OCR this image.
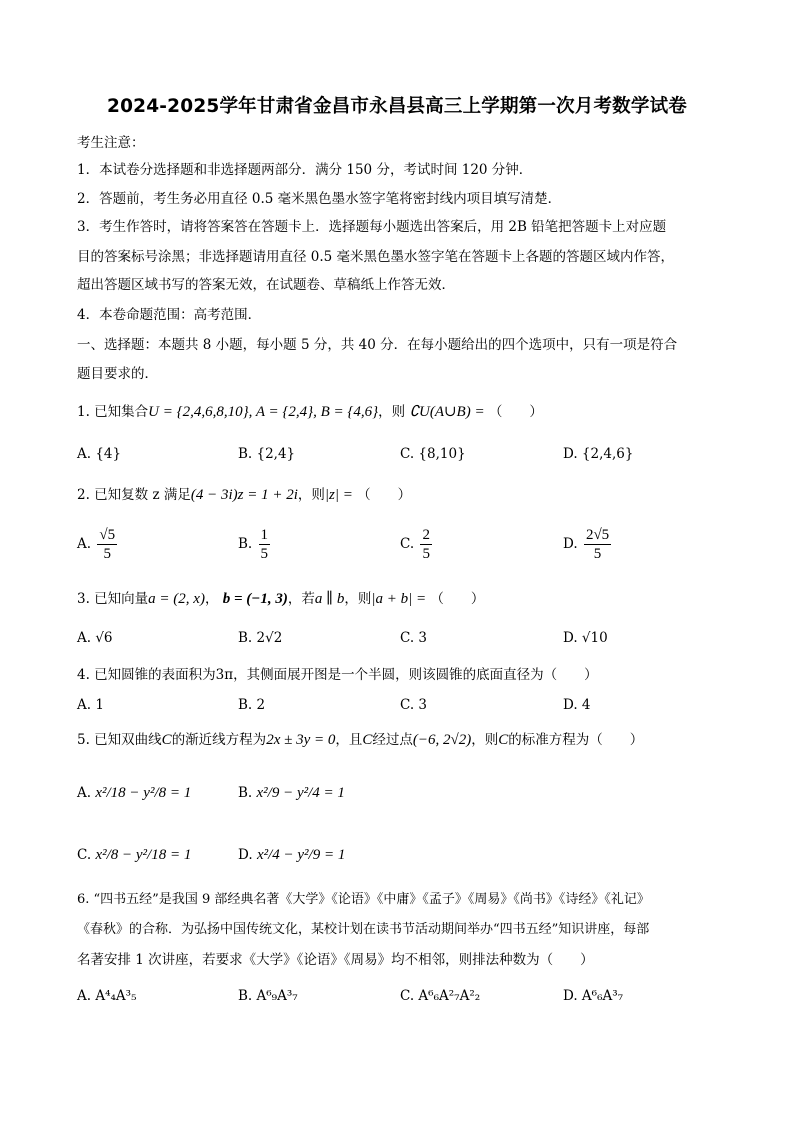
2024-2025学年甘肃省金昌市永昌县高三上学期第一次月考数学试卷
考生注意：
1．本试卷分选择题和非选择题两部分．满分 150 分，考试时间 120 分钟．
2．答题前，考生务必用直径 0.5 毫米黑色墨水签字笔将密封线内项目填写清楚．
3．考生作答时，请将答案答在答题卡上．选择题每小题选出答案后，用 2B 铅笔把答题卡上对应题
目的答案标号涂黑；非选择题请用直径 0.5 毫米黑色墨水签字笔在答题卡上各题的答题区域内作答，
超出答题区域书写的答案无效，在试题卷、草稿纸上作答无效．
4．本卷命题范围：高考范围．
一、选择题：本题共 8 小题，每小题 5 分，共 40 分．在每小题给出的四个选项中，只有一项是符合
题目要求的．
1. 已知集合U = {2,4,6,8,10}, A = {2,4}, B = {4,6}，则 ∁U(A∪B) = （　　）
A. {4}	B. {2,4}	C. {8,10}	D. {2,4,6}
2. 已知复数 z 满足(4 − 3i)z = 1 + 2i，则|z| = （　　）
A. $\frac{√5}{5}$	B. $\frac{1}{5}$	C. $\frac{2}{5}$	D. $\frac{2√5}{5}$
3. 已知向量a = (2, x)， b = (−1, 3)，若a ∥ b，则|a + b| = （　　）
A. √6	B. 2√2	C. 3	D. √10
4. 已知圆锥的表面积为3π，其侧面展开图是一个半圆，则该圆锥的底面直径为（　　）
A. 1	B. 2	C. 3	D. 4
5. 已知双曲线C的渐近线方程为2x ± 3y = 0，且C经过点(−6, 2√2)，则C的标准方程为（　　）
A. x²/18 − y²/8 = 1	B. x²/9 − y²/4 = 1
C. x²/8 − y²/18 = 1	D. x²/4 − y²/9 = 1
6. “四书五经”是我国 9 部经典名著《大学》《论语》《中庸》《孟子》《周易》《尚书》《诗经》《礼记》
《春秋》的合称．为弘扬中国传统文化，某校计划在读书节活动期间举办“四书五经”知识讲座，每部
名著安排 1 次讲座，若要求《大学》《论语》《周易》均不相邻，则排法种数为（　　）
A. A⁴₄A³₅	B. A⁶₉A³₇	C. A⁶₆A²₇A²₂	D. A⁶₆A³₇
